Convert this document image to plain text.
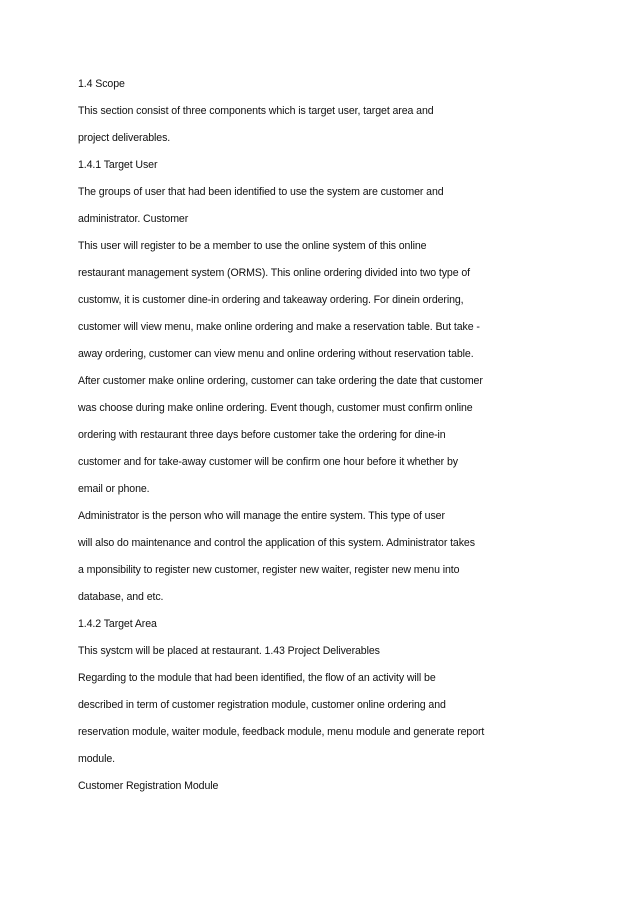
1.4 Scope
This section consist of three components which is target user, target area and
project deliverables.
1.4.1 Target User
The groups of user that had been identified to use the system are customer and
administrator. Customer
This user will register to be a member to use the online system of this online
restaurant management system (ORMS). This online ordering divided into two type of
customw, it is customer dine-in ordering and takeaway ordering. For dinein ordering,
customer will view menu, make online ordering and make a reservation table. But take -
away ordering, customer can view menu and online ordering without reservation table.
After customer make online ordering, customer can take ordering the date that customer
was choose during make online ordering. Event though, customer must confirm online
ordering with restaurant three days before customer take the ordering for dine-in
customer and for take-away customer will be confirm one hour before it whether by
email or phone.
Administrator is the person who will manage the entire system. This type of user
will also do maintenance and control the application of this system. Administrator takes
a mponsibility to register new customer, register new waiter, register new menu into
database, and etc.
1.4.2 Target Area
This systcm will be placed at restaurant. 1.43 Project Deliverables
Regarding to the module that had been identified, the flow of an activity will be
described in term of customer registration module, customer online ordering and
reservation module, waiter module, feedback module, menu module and generate report
module.
Customer Registration Module
